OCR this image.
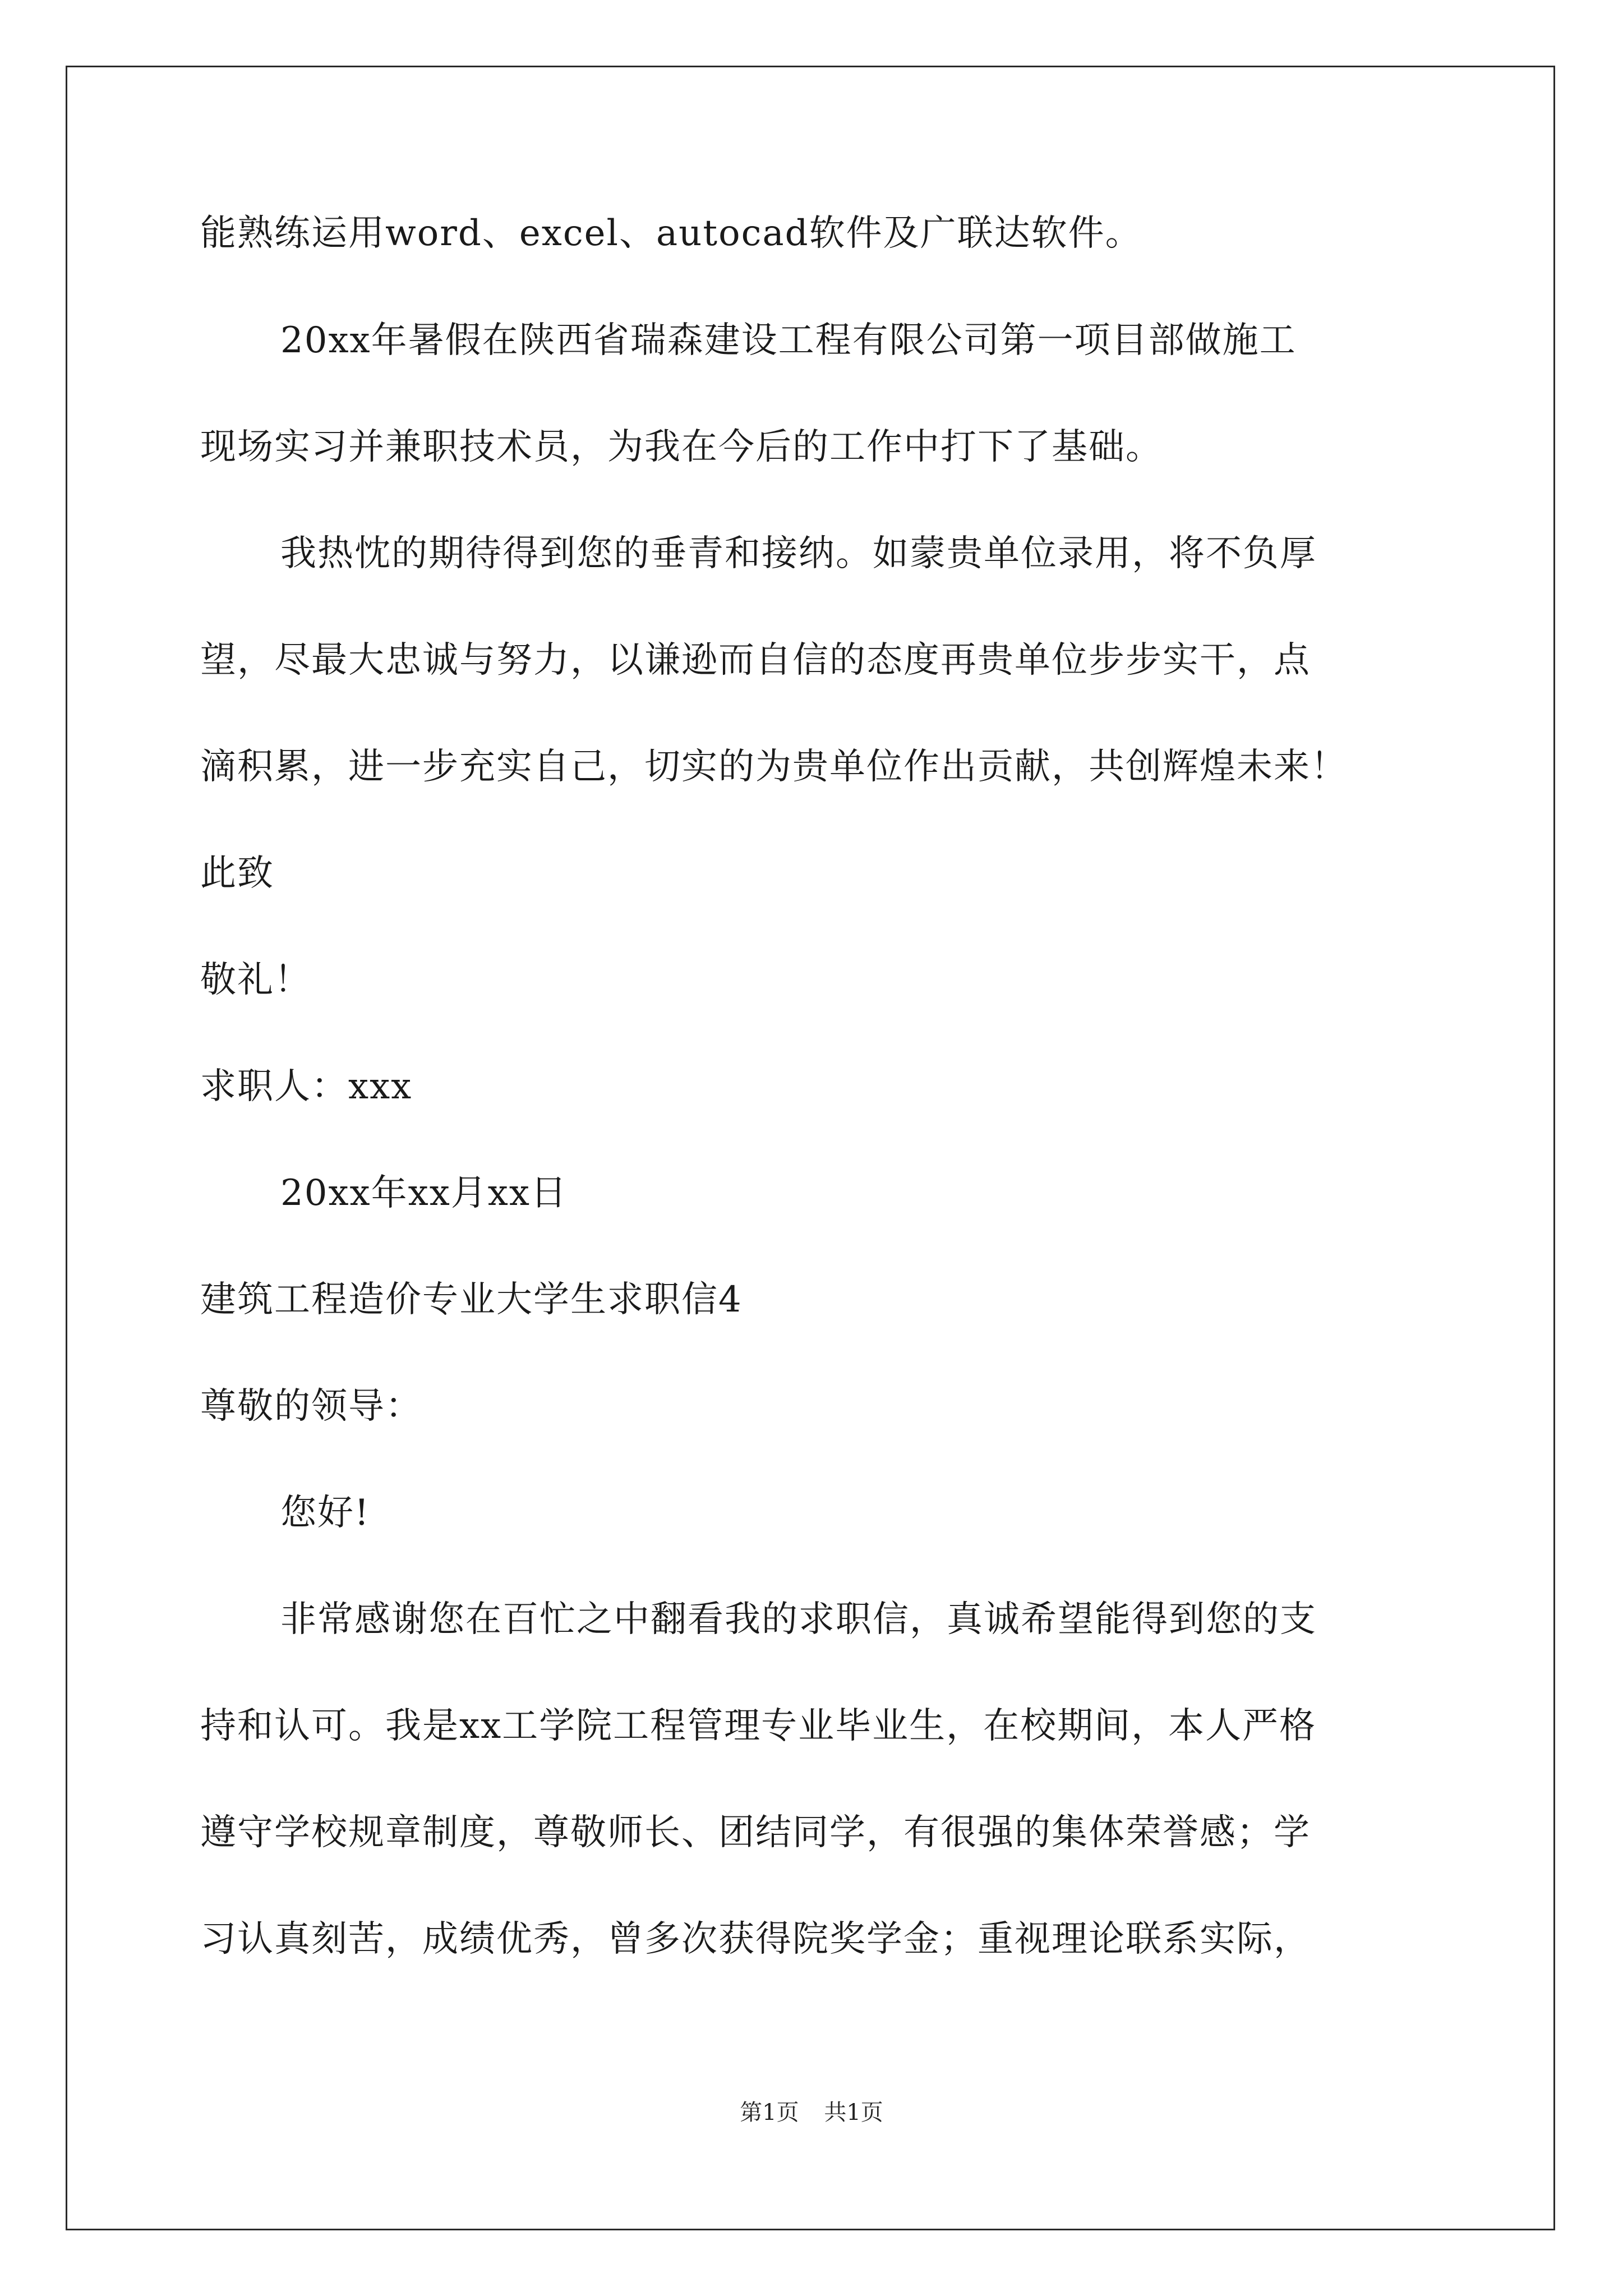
能熟练运用word、excel、autocad软件及广联达软件。
20xx年暑假在陕西省瑞森建设工程有限公司第一项目部做施工
现场实习并兼职技术员，为我在今后的工作中打下了基础。
我热忱的期待得到您的垂青和接纳。如蒙贵单位录用，将不负厚
望，尽最大忠诚与努力，以谦逊而自信的态度再贵单位步步实干，点
滴积累，进一步充实自己，切实的为贵单位作出贡献，共创辉煌未来！
此致
敬礼！
求职人：xxx
20xx年xx月xx日
建筑工程造价专业大学生求职信4
尊敬的领导：
您好!
非常感谢您在百忙之中翻看我的求职信，真诚希望能得到您的支
持和认可。我是xx工学院工程管理专业毕业生，在校期间，本人严格
遵守学校规章制度，尊敬师长、团结同学，有很强的集体荣誉感；学
习认真刻苦，成绩优秀，曾多次获得院奖学金；重视理论联系实际，
第1页 共1页
